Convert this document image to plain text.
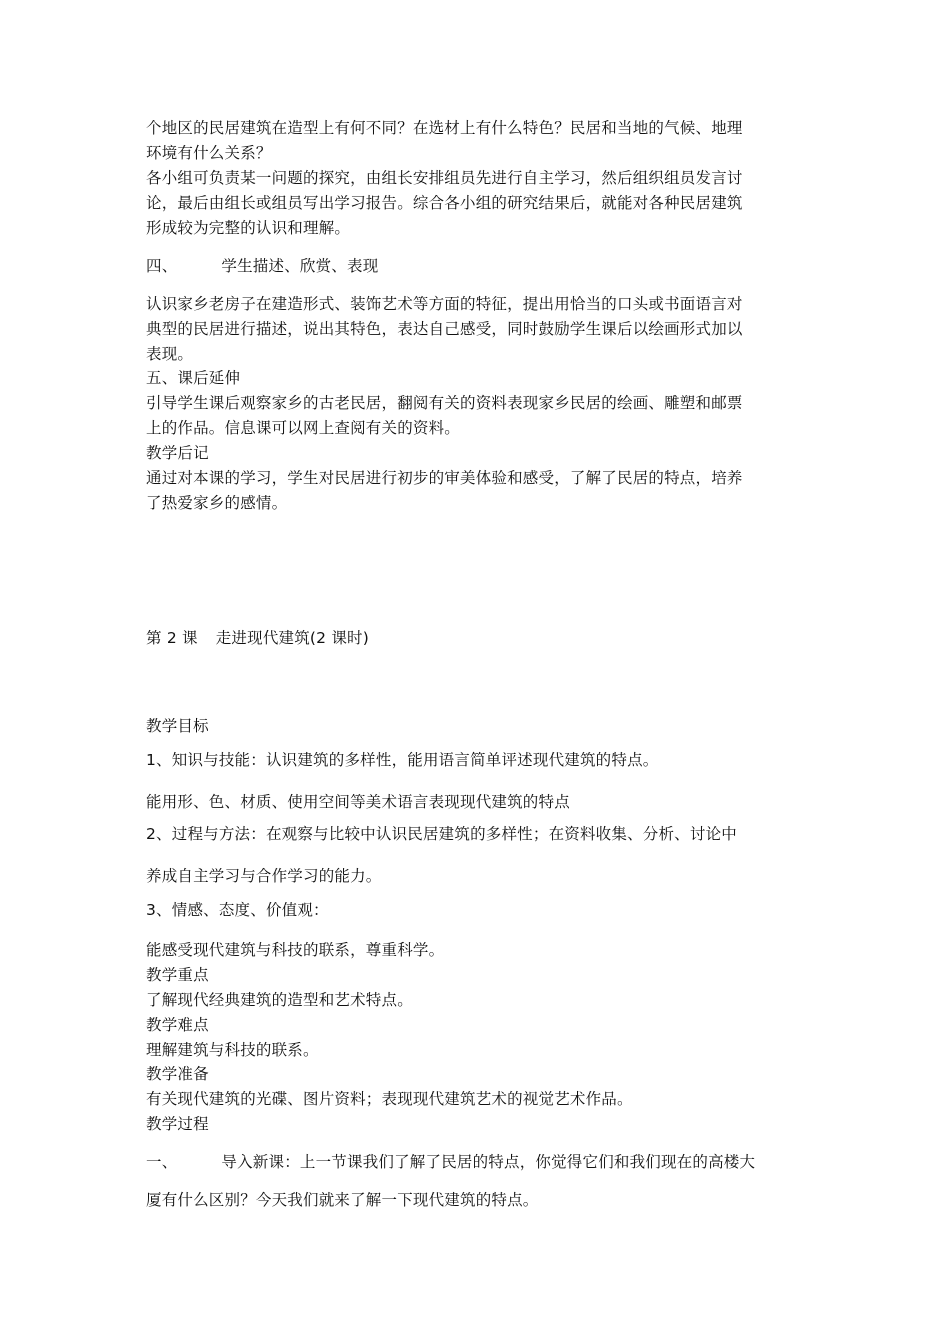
个地区的民居建筑在造型上有何不同？在选材上有什么特色？民居和当地的气候、地理
环境有什么关系？
各小组可负责某一问题的探究，由组长安排组员先进行自主学习，然后组织组员发言讨
论，最后由组长或组员写出学习报告。综合各小组的研究结果后，就能对各种民居建筑
形成较为完整的认识和理解。
四、	学生描述、欣赏、表现
认识家乡老房子在建造形式、装饰艺术等方面的特征，提出用恰当的口头或书面语言对
典型的民居进行描述，说出其特色，表达自己感受，同时鼓励学生课后以绘画形式加以
表现。
五、课后延伸
引导学生课后观察家乡的古老民居，翻阅有关的资料表现家乡民居的绘画、雕塑和邮票
上的作品。信息课可以网上查阅有关的资料。
教学后记
通过对本课的学习，学生对民居进行初步的审美体验和感受，了解了民居的特点，培养
了热爱家乡的感情。
第 2 课 走进现代建筑(2 课时)
教学目标
1、知识与技能：认识建筑的多样性，能用语言简单评述现代建筑的特点。
能用形、色、材质、使用空间等美术语言表现现代建筑的特点
2、过程与方法：在观察与比较中认识民居建筑的多样性；在资料收集、分析、讨论中
养成自主学习与合作学习的能力。
3、情感、态度、价值观：
能感受现代建筑与科技的联系，尊重科学。
教学重点
了解现代经典建筑的造型和艺术特点。
教学难点
理解建筑与科技的联系。
教学准备
有关现代建筑的光碟、图片资料；表现现代建筑艺术的视觉艺术作品。
教学过程
一、	导入新课：上一节课我们了解了民居的特点，你觉得它们和我们现在的高楼大
厦有什么区别？今天我们就来了解一下现代建筑的特点。
